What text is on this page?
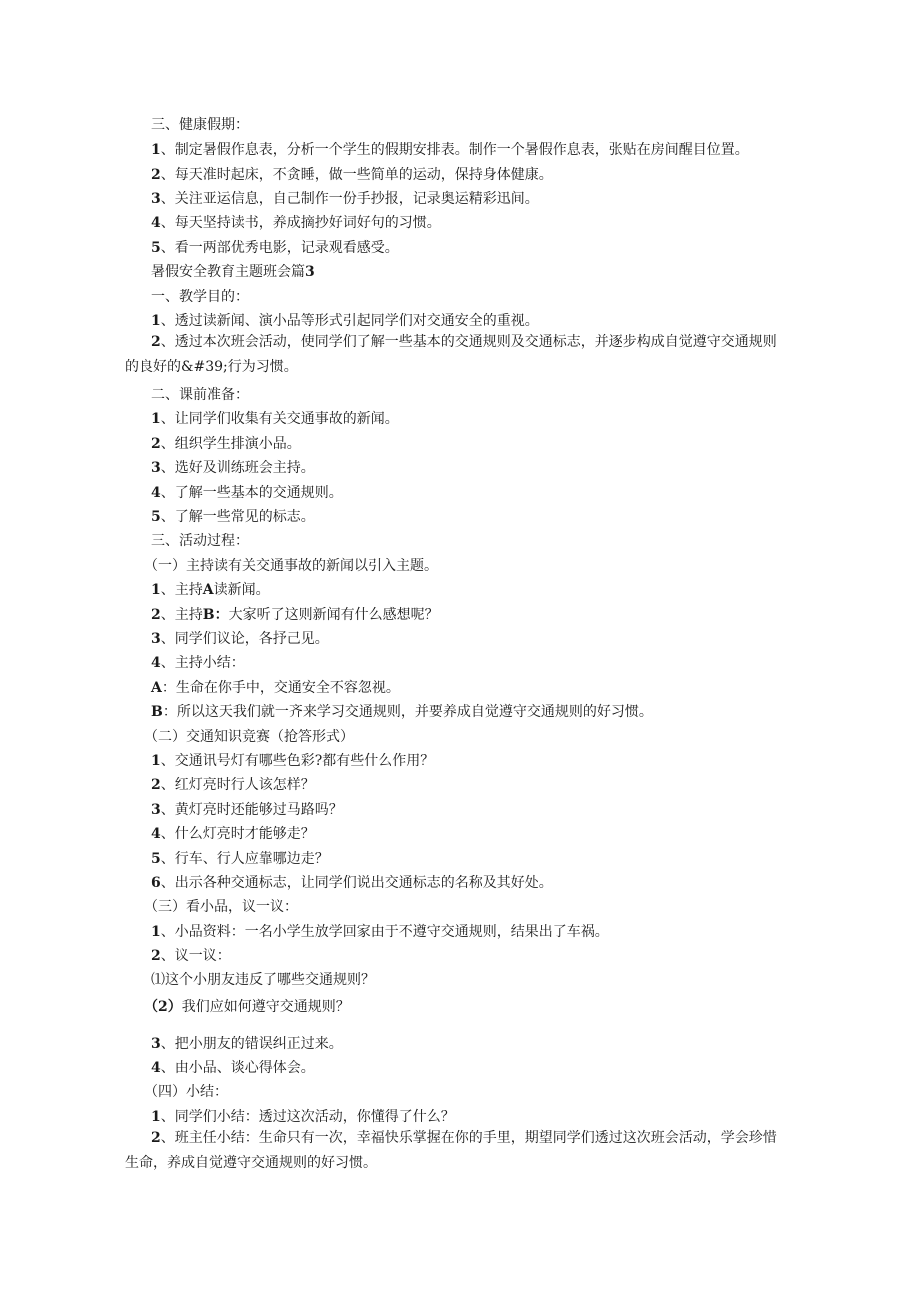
三、健康假期：
1、制定暑假作息表，分析一个学生的假期安排表。制作一个暑假作息表，张贴在房间醒目位置。
2、每天准时起床，不贪睡，做一些简单的运动，保持身体健康。
3、关注亚运信息，自己制作一份手抄报，记录奥运精彩迅间。
4、每天坚持读书，养成摘抄好词好句的习惯。
5、看一两部优秀电影，记录观看感受。
暑假安全教育主题班会篇3
一、教学目的：
1、透过读新闻、演小品等形式引起同学们对交通安全的重视。
2、透过本次班会活动，使同学们了解一些基本的交通规则及交通标志，并逐步构成自觉遵守交通规则的良好的&#39;行为习惯。
二、课前准备：
1、让同学们收集有关交通事故的新闻。
2、组织学生排演小品。
3、选好及训练班会主持。
4、了解一些基本的交通规则。
5、了解一些常见的标志。
三、活动过程：
（一）主持读有关交通事故的新闻以引入主题。
1、主持A读新闻。
2、主持B：大家听了这则新闻有什么感想呢？
3、同学们议论，各抒己见。
4、主持小结：
A：生命在你手中，交通安全不容忽视。
B：所以这天我们就一齐来学习交通规则，并要养成自觉遵守交通规则的好习惯。
（二）交通知识竞赛（抢答形式）
1、交通讯号灯有哪些色彩?都有些什么作用？
2、红灯亮时行人该怎样？
3、黄灯亮时还能够过马路吗？
4、什么灯亮时才能够走？
5、行车、行人应靠哪边走？
6、出示各种交通标志，让同学们说出交通标志的名称及其好处。
（三）看小品，议一议：
1、小品资料：一名小学生放学回家由于不遵守交通规则，结果出了车祸。
2、议一议：
⑴这个小朋友违反了哪些交通规则？
（2）我们应如何遵守交通规则？
3、把小朋友的错误纠正过来。
4、由小品、谈心得体会。
（四）小结：
1、同学们小结：透过这次活动，你懂得了什么？
2、班主任小结：生命只有一次，幸福快乐掌握在你的手里，期望同学们透过这次班会活动，学会珍惜生命，养成自觉遵守交通规则的好习惯。
